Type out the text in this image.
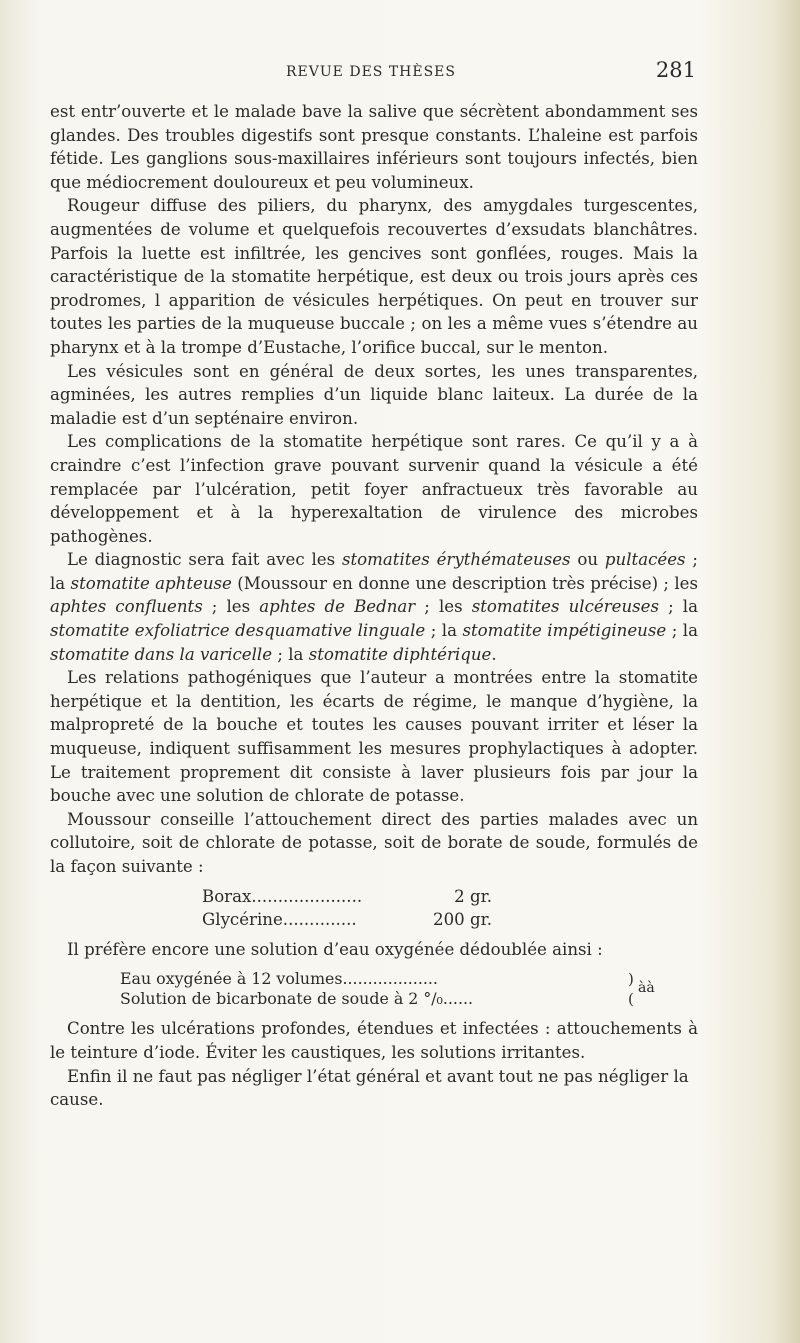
REVUE DES THÈSES	281

est entr’ouverte et le malade bave la salive que sécrètent abondamment ses glandes. Des troubles digestifs sont presque constants. L’haleine est parfois fétide. Les ganglions sous-maxillaires inférieurs sont toujours infectés, bien que médiocrement douloureux et peu volumineux.

Rougeur diffuse des piliers, du pharynx, des amygdales turgescentes, augmentées de volume et quelquefois recouvertes d’exsudats blanchâtres. Parfois la luette est infiltrée, les gencives sont gonflées, rouges. Mais la caractéristique de la stomatite herpétique, est deux ou trois jours après ces prodromes, l apparition de vésicules herpétiques. On peut en trouver sur toutes les parties de la muqueuse buccale ; on les a même vues s’étendre au pharynx et à la trompe d’Eustache, l’orifice buccal, sur le menton.

Les vésicules sont en général de deux sortes, les unes transparentes, agminées, les autres remplies d’un liquide blanc laiteux. La durée de la maladie est d’un septénaire environ.

Les complications de la stomatite herpétique sont rares. Ce qu’il y a à craindre c’est l’infection grave pouvant survenir quand la vésicule a été remplacée par l’ulcération, petit foyer anfractueux très favorable au développement et à la hyperexaltation de virulence des microbes pathogènes.

Le diagnostic sera fait avec les stomatites érythémateuses ou pultacées ; la stomatite aphteuse (Moussour en donne une description très précise) ; les aphtes confluents ; les aphtes de Bednar ; les stomatites ulcéreuses ; la stomatite exfoliatrice desquamative linguale ; la stomatite impétigineuse ; la stomatite dans la varicelle ; la stomatite diphtérique.

Les relations pathogéniques que l’auteur a montrées entre la stomatite herpétique et la dentition, les écarts de régime, le manque d’hygiène, la malpropreté de la bouche et toutes les causes pouvant irriter et léser la muqueuse, indiquent suffisamment les mesures prophylactiques à adopter. Le traitement proprement dit consiste à laver plusieurs fois par jour la bouche avec une solution de chlorate de potasse.

Moussour conseille l’attouchement direct des parties malades avec un collutoire, soit de chlorate de potasse, soit de borate de soude, formulés de la façon suivante :

Borax.....................	2 gr.
Glycérine..............	200 gr.

Il préfère encore une solution d’eau oxygénée dédoublée ainsi :

Eau oxygénée à 12 volumes...................
Solution de bicarbonate de soude à 2 °/₀......
)
(
àà

Contre les ulcérations profondes, étendues et infectées : attouchements à le teinture d’iode. Éviter les caustiques, les solutions irritantes.

Enfin il ne faut pas négliger l’état général et avant tout ne pas négliger la cause.
